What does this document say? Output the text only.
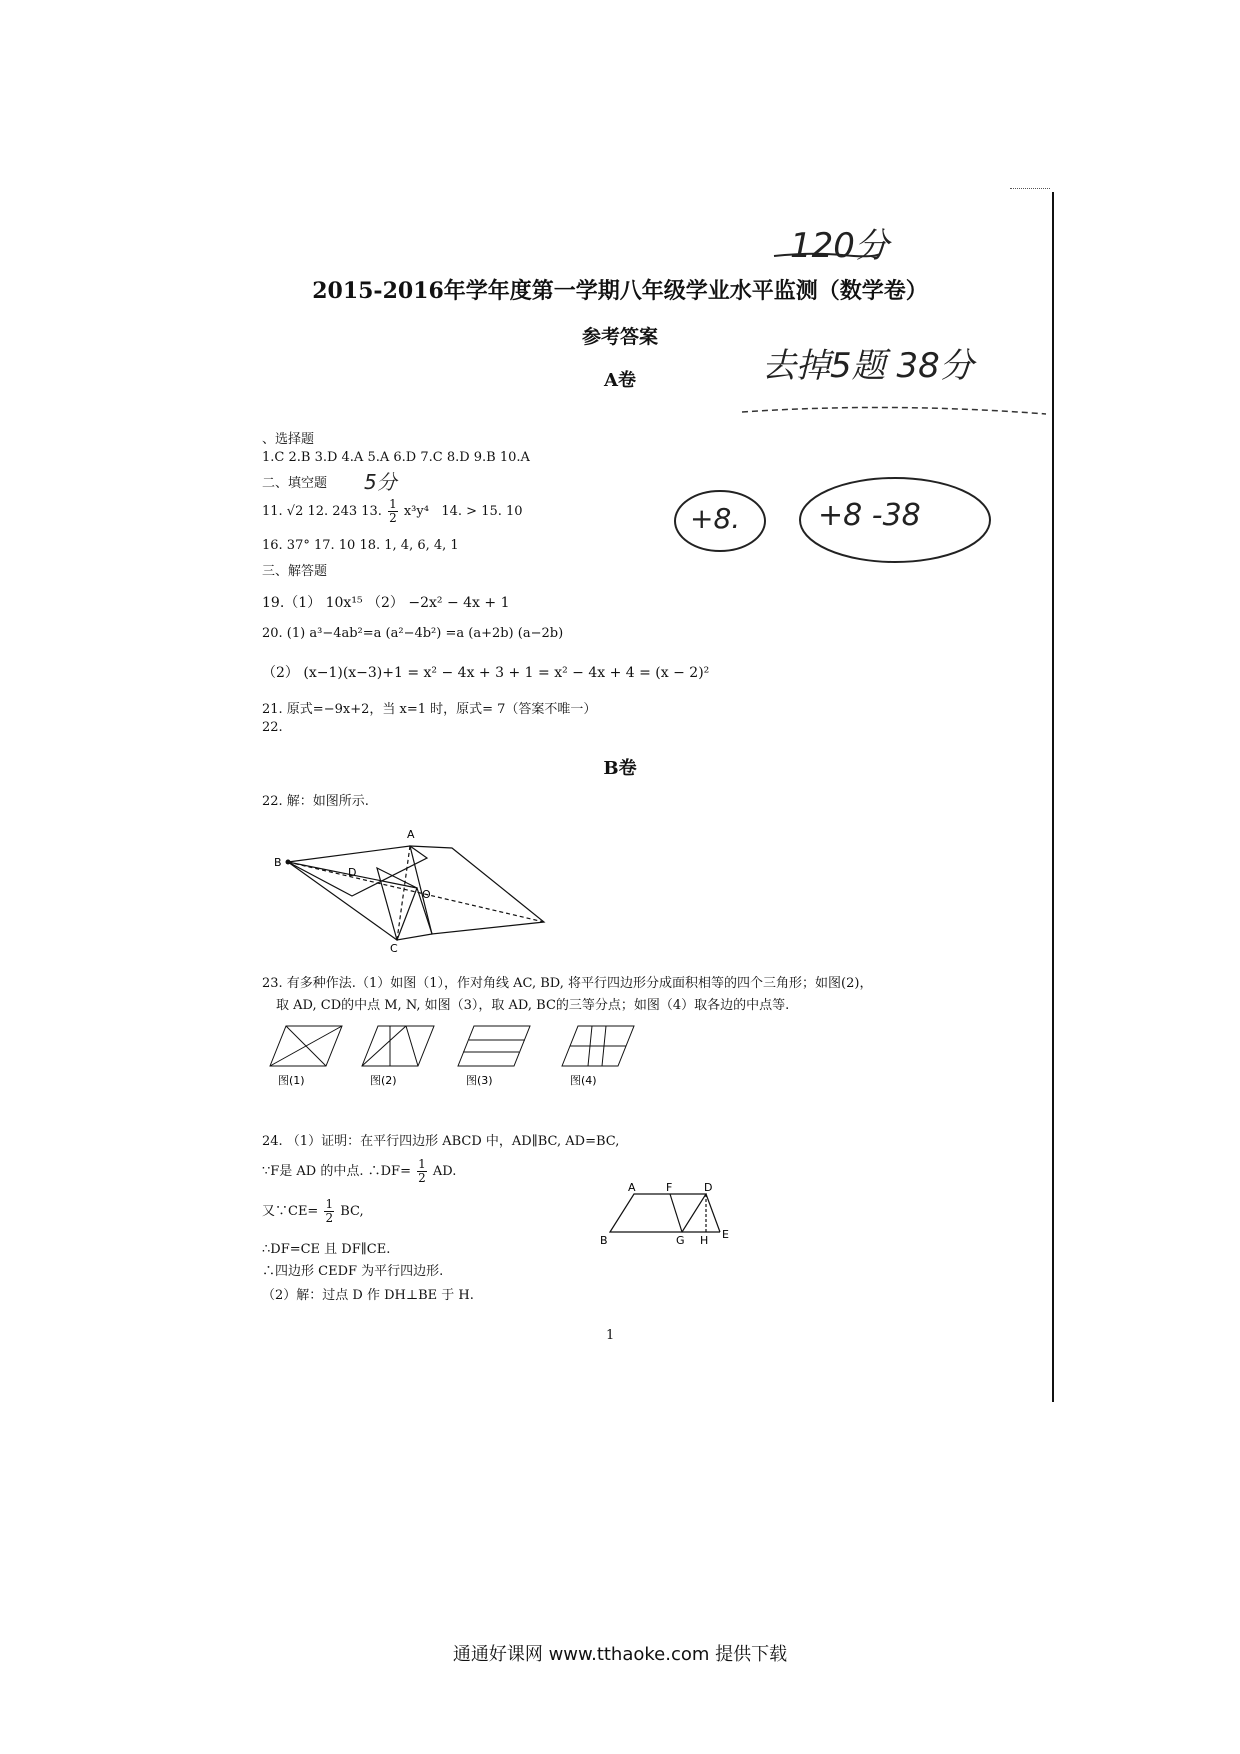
120分
2015-2016年学年度第一学期八年级学业水平监测（数学卷）
参考答案
A卷	去掉5题 38分
、选择题
1.C 2.B 3.D 4.A 5.A 6.D 7.C 8.D 9.B 10.A
二、填空题 5分
11. √2 12. 243 13. $\frac{1}{2} x^3y^4$ 14. > 15. 10
16. 37° 17. 10 18. 1, 4, 6, 4, 1
+8.	+8 -38
三、解答题
19.（1） 10x¹⁵ （2） −2x² − 4x + 1
20. (1) a³−4ab²=a (a²−4b²) =a (a+2b) (a−2b)
（2） (x−1)(x−3)+1 = x² − 4x + 3 + 1 = x² − 4x + 4 = (x − 2)²
21. 原式=−9x+2，当 x=1 时，原式= 7（答案不唯一）
22.
B卷
22. 解：如图所示.
B
A
D
O
C
23. 有多种作法.（1）如图（1），作对角线 AC, BD, 将平行四边形分成面积相等的四个三角形；如图(2)，
取 AD, CD的中点 M, N, 如图（3），取 AD, BC的三等分点；如图（4）取各边的中点等.
图(1)	图(2)	图(3)	图(4)
24. （1）证明：在平行四边形 ABCD 中，AD∥BC, AD=BC,
∵F是 AD 的中点. ∴DF= $\frac{1}{2}$ AD.
又∵CE= $\frac{1}{2}$ BC,
∴DF=CE 且 DF∥CE.
∴四边形 CEDF 为平行四边形.
（2）解：过点 D 作 DH⊥BE 于 H.
A	F	D
B	G H E
1
通通好课网 www.tthaoke.com 提供下载
